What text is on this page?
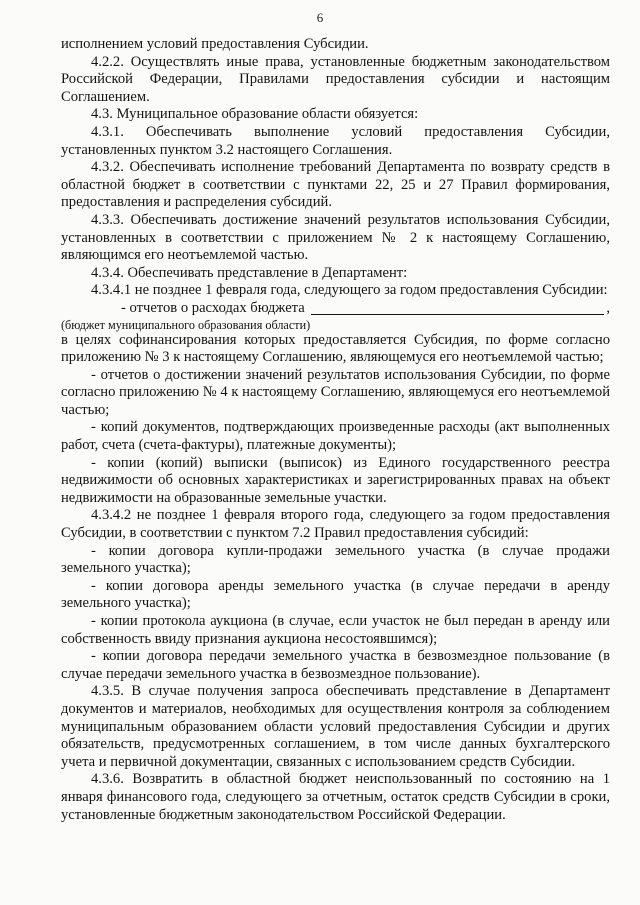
6

исполнением условий предоставления Субсидии.

4.2.2. Осуществлять иные права, установленные бюджетным законодательством Российской Федерации, Правилами предоставления субсидии и настоящим Соглашением.

4.3. Муниципальное образование области обязуется:

4.3.1. Обеспечивать выполнение условий предоставления Субсидии, установленных пунктом 3.2 настоящего Соглашения.

4.3.2. Обеспечивать исполнение требований Департамента по возврату средств в областной бюджет в соответствии с пунктами 22, 25 и 27 Правил формирования, предоставления и распределения субсидий.

4.3.3. Обеспечивать достижение значений результатов использования Субсидии, установленных в соответствии с приложением № 2 к настоящему Соглашению, являющимся его неотъемлемой частью.

4.3.4. Обеспечивать представление в Департамент:

4.3.4.1 не позднее 1 февраля года, следующего за годом предоставления Субсидии:

- отчетов о расходах бюджета	,

(бюджет муниципального образования области)

в целях софинансирования которых предоставляется Субсидия, по форме согласно приложению № 3 к настоящему Соглашению, являющемуся его неотъемлемой частью;

- отчетов о достижении значений результатов использования Субсидии, по форме согласно приложению № 4 к настоящему Соглашению, являющемуся его неотъемлемой частью;

- копий документов, подтверждающих произведенные расходы (акт выполненных работ, счета (счета-фактуры), платежные документы);

- копии (копий) выписки (выписок) из Единого государственного реестра недвижимости об основных характеристиках и зарегистрированных правах на объект недвижимости на образованные земельные участки.

4.3.4.2 не позднее 1 февраля второго года, следующего за годом предоставления Субсидии, в соответствии с пунктом 7.2 Правил предоставления субсидий:

- копии договора купли-продажи земельного участка (в случае продажи земельного участка);

- копии договора аренды земельного участка (в случае передачи в аренду земельного участка);

- копии протокола аукциона (в случае, если участок не был передан в аренду или собственность ввиду признания аукциона несостоявшимся);

- копии договора передачи земельного участка в безвозмездное пользование (в случае передачи земельного участка в безвозмездное пользование).

4.3.5. В случае получения запроса обеспечивать представление в Департамент документов и материалов, необходимых для осуществления контроля за соблюдением муниципальным образованием области условий предоставления Субсидии и других обязательств, предусмотренных соглашением, в том числе данных бухгалтерского учета и первичной документации, связанных с использованием средств Субсидии.

4.3.6. Возвратить в областной бюджет неиспользованный по состоянию на 1 января финансового года, следующего за отчетным, остаток средств Субсидии в сроки, установленные бюджетным законодательством Российской Федерации.
